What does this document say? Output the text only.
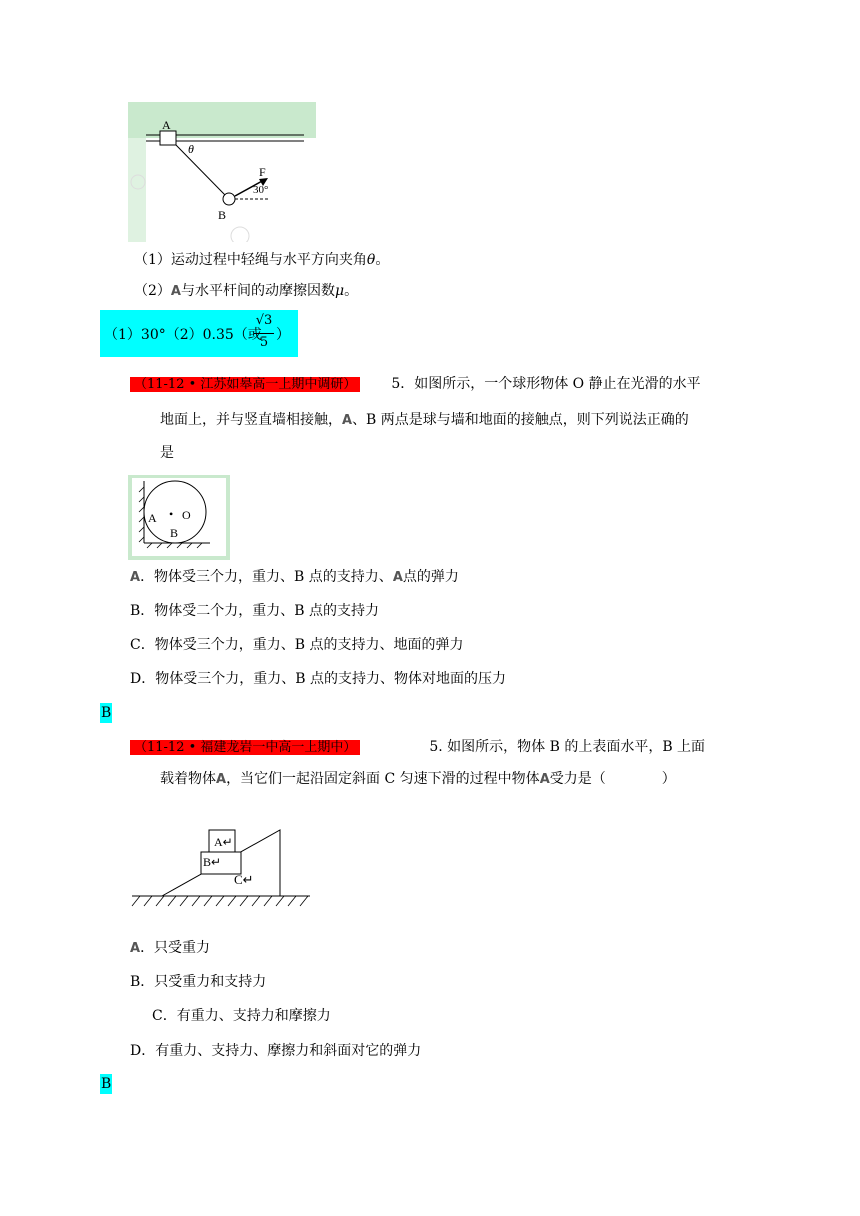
A
θ
F
30°
B
（1）运动过程中轻绳与水平方向夹角θ。
（2）A与水平杆间的动摩擦因数μ。
（1）30°（2）0.35（或
√3
5 ）
（11-12 • 江苏如皋高一上期中调研） 5．如图所示，一个球形物体 O 静止在光滑的水平
地面上，并与竖直墙相接触，A、B 两点是球与墙和地面的接触点，则下列说法正确的
是
A • O
B
A．物体受三个力，重力、B 点的支持力、A点的弹力
B．物体受二个力，重力、B 点的支持力
C．物体受三个力，重力、B 点的支持力、地面的弹力
D．物体受三个力，重力、B 点的支持力、物体对地面的压力
B
（11-12 • 福建龙岩一中高一上期中）	5. 如图所示，物体 B 的上表面水平，B 上面
载着物体A，当它们一起沿固定斜面 C 匀速下滑的过程中物体A受力是（	）
A↵
B↵
C↵
A．只受重力
B．只受重力和支持力
C．有重力、支持力和摩擦力
D．有重力、支持力、摩擦力和斜面对它的弹力
B
